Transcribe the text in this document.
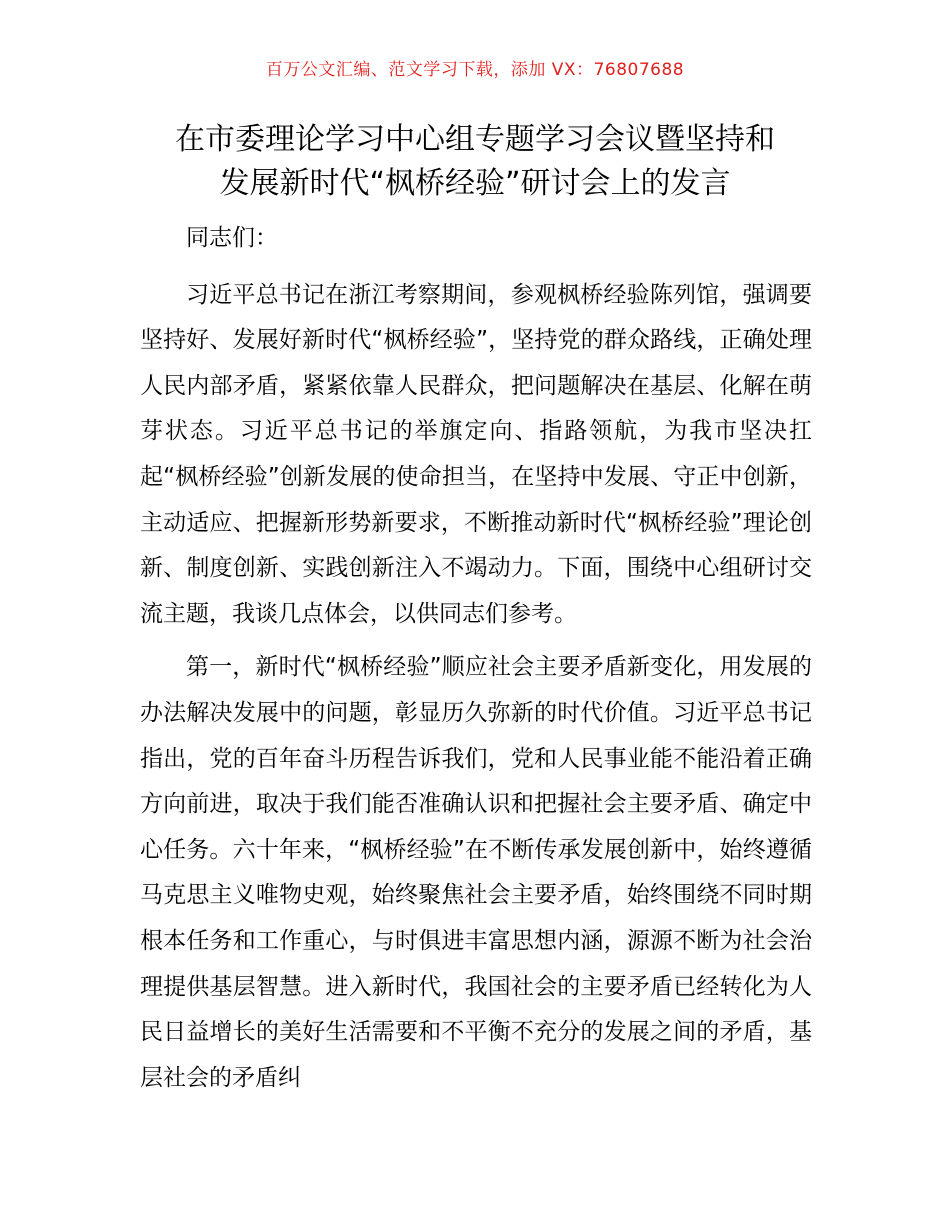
百万公文汇编、范文学习下载，添加 VX：76807688
在市委理论学习中心组专题学习会议暨坚持和
发展新时代“枫桥经验”研讨会上的发言

同志们：

习近平总书记在浙江考察期间，参观枫桥经验陈列馆，强调要坚持好、发展好新时代“枫桥经验”，坚持党的群众路线，正确处理人民内部矛盾，紧紧依靠人民群众，把问题解决在基层、化解在萌芽状态。习近平总书记的举旗定向、指路领航，为我市坚决扛起“枫桥经验”创新发展的使命担当，在坚持中发展、守正中创新，主动适应、把握新形势新要求，不断推动新时代“枫桥经验”理论创新、制度创新、实践创新注入不竭动力。下面，围绕中心组研讨交流主题，我谈几点体会，以供同志们参考。

第一，新时代“枫桥经验”顺应社会主要矛盾新变化，用发展的办法解决发展中的问题，彰显历久弥新的时代价值。习近平总书记指出，党的百年奋斗历程告诉我们，党和人民事业能不能沿着正确方向前进，取决于我们能否准确认识和把握社会主要矛盾、确定中心任务。六十年来，“枫桥经验”在不断传承发展创新中，始终遵循马克思主义唯物史观，始终聚焦社会主要矛盾，始终围绕不同时期根本任务和工作重心，与时俱进丰富思想内涵，源源不断为社会治理提供基层智慧。进入新时代，我国社会的主要矛盾已经转化为人民日益增长的美好生活需要和不平衡不充分的发展之间的矛盾，基层社会的矛盾纠
